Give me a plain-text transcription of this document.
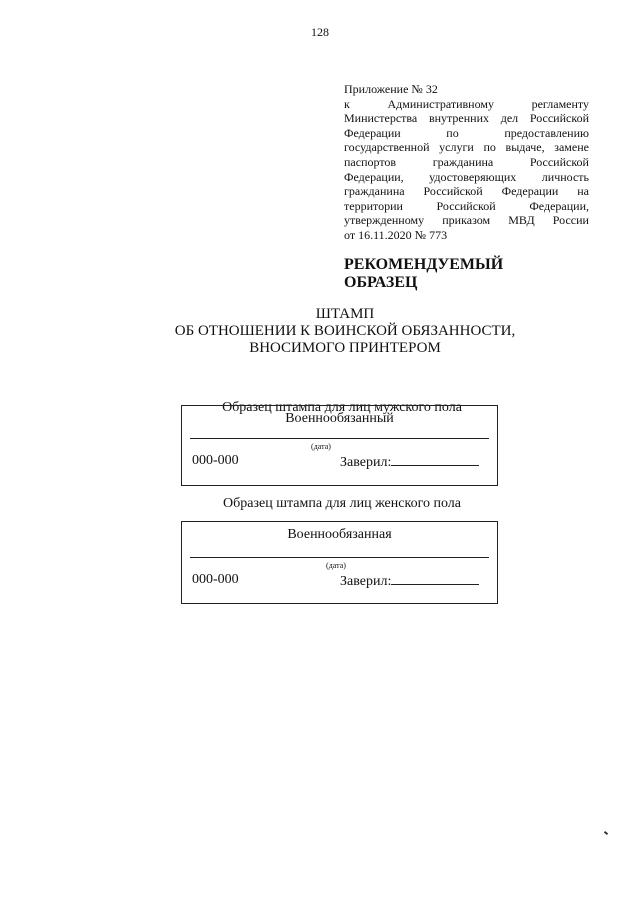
128
Приложение № 32
к	Административному	регламенту
Министерства внутренних дел Российской
Федерации	по	предоставлению
государственной услуги по выдаче, замене
паспортов	гражданина	Российской
Федерации, удостоверяющих личность
гражданина Российской Федерации на
территории	Российской	Федерации,
утвержденному приказом МВД России
от 16.11.2020 № 773
РЕКОМЕНДУЕМЫЙ
ОБРАЗЕЦ
ШТАМП
ОБ ОТНОШЕНИИ К ВОИНСКОЙ ОБЯЗАННОСТИ,
ВНОСИМОГО ПРИНТЕРОМ
Образец штампа для лиц мужского пола
Военнообязанный
(дата)
000-000	Заверил:
Образец штампа для лиц женского пола
Военнообязанная
(дата)
000-000	Заверил:
